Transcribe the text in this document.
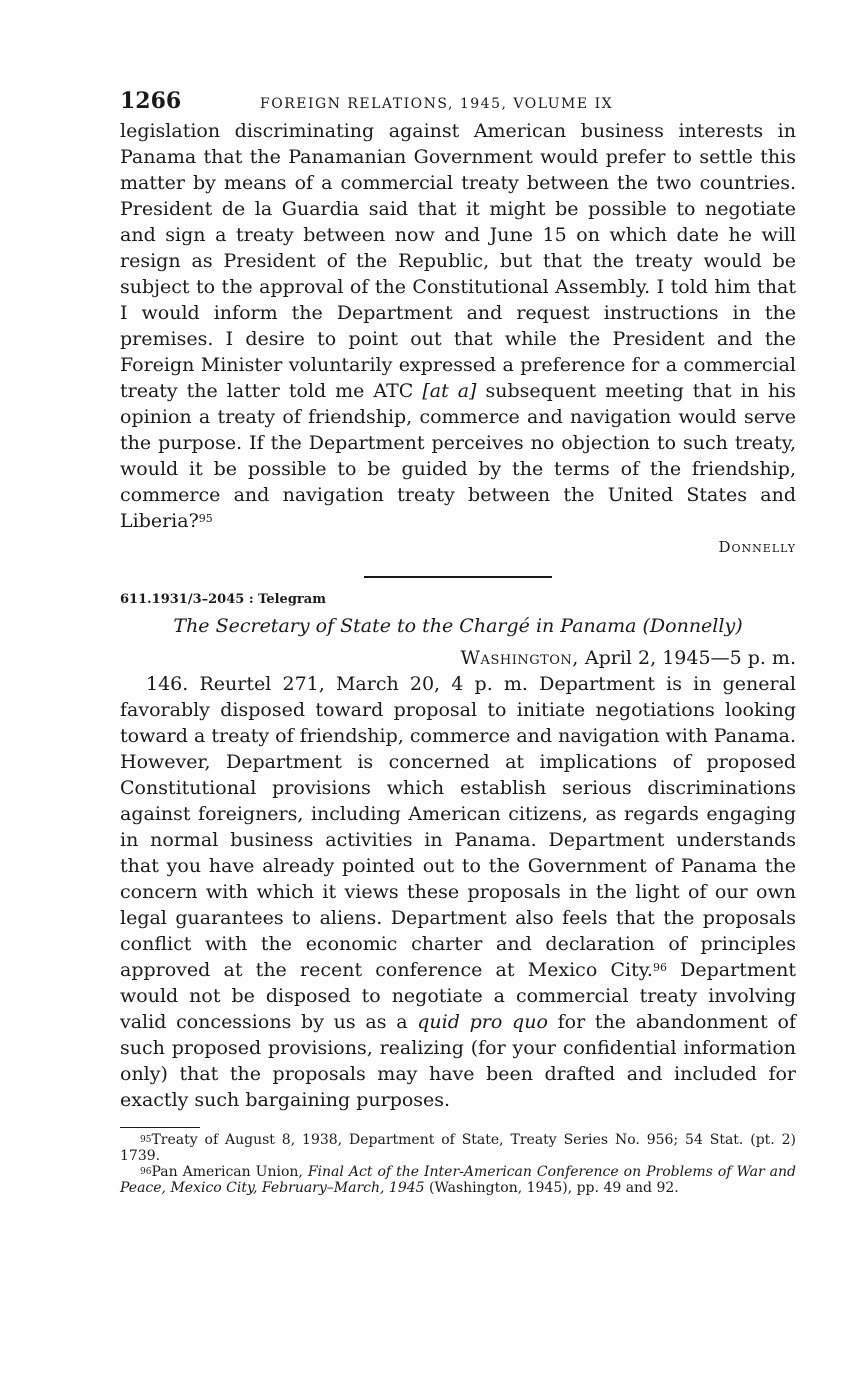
1266	FOREIGN RELATIONS, 1945, VOLUME IX

legislation discriminating against American business interests in Panama that the Panamanian Government would prefer to settle this matter by means of a commercial treaty between the two countries. President de la Guardia said that it might be possible to negotiate and sign a treaty between now and June 15 on which date he will resign as President of the Republic, but that the treaty would be subject to the approval of the Constitutional Assembly. I told him that I would inform the Department and request instructions in the premises. I desire to point out that while the President and the Foreign Minister voluntarily expressed a preference for a commercial treaty the latter told me ATC [at a] subsequent meeting that in his opinion a treaty of friendship, commerce and navigation would serve the purpose. If the Department perceives no objection to such treaty, would it be possible to be guided by the terms of the friendship, commerce and navigation treaty between the United States and Liberia?$^{95}$

Donnelly
611.1931/3–2045 : Telegram
The Secretary of State to the Chargé in Panama (Donnelly)
Washington, April 2, 1945—5 p. m.

146. Reurtel 271, March 20, 4 p. m. Department is in general favorably disposed toward proposal to initiate negotiations looking toward a treaty of friendship, commerce and navigation with Panama. However, Department is concerned at implications of proposed Constitutional provisions which establish serious discriminations against foreigners, including American citizens, as regards engaging in normal business activities in Panama. Department understands that you have already pointed out to the Government of Panama the concern with which it views these proposals in the light of our own legal guarantees to aliens. Department also feels that the proposals conflict with the economic charter and declaration of principles approved at the recent conference at Mexico City.$^{96}$ Department would not be disposed to negotiate a commercial treaty involving valid concessions by us as a quid pro quo for the abandonment of such proposed provisions, realizing (for your confidential information only) that the proposals may have been drafted and included for exactly such bargaining purposes.

$^{95}$Treaty of August 8, 1938, Department of State, Treaty Series No. 956; 54 Stat. (pt. 2) 1739.

$^{96}$Pan American Union, Final Act of the Inter-American Conference on Problems of War and Peace, Mexico City, February–March, 1945 (Washington, 1945), pp. 49 and 92.
